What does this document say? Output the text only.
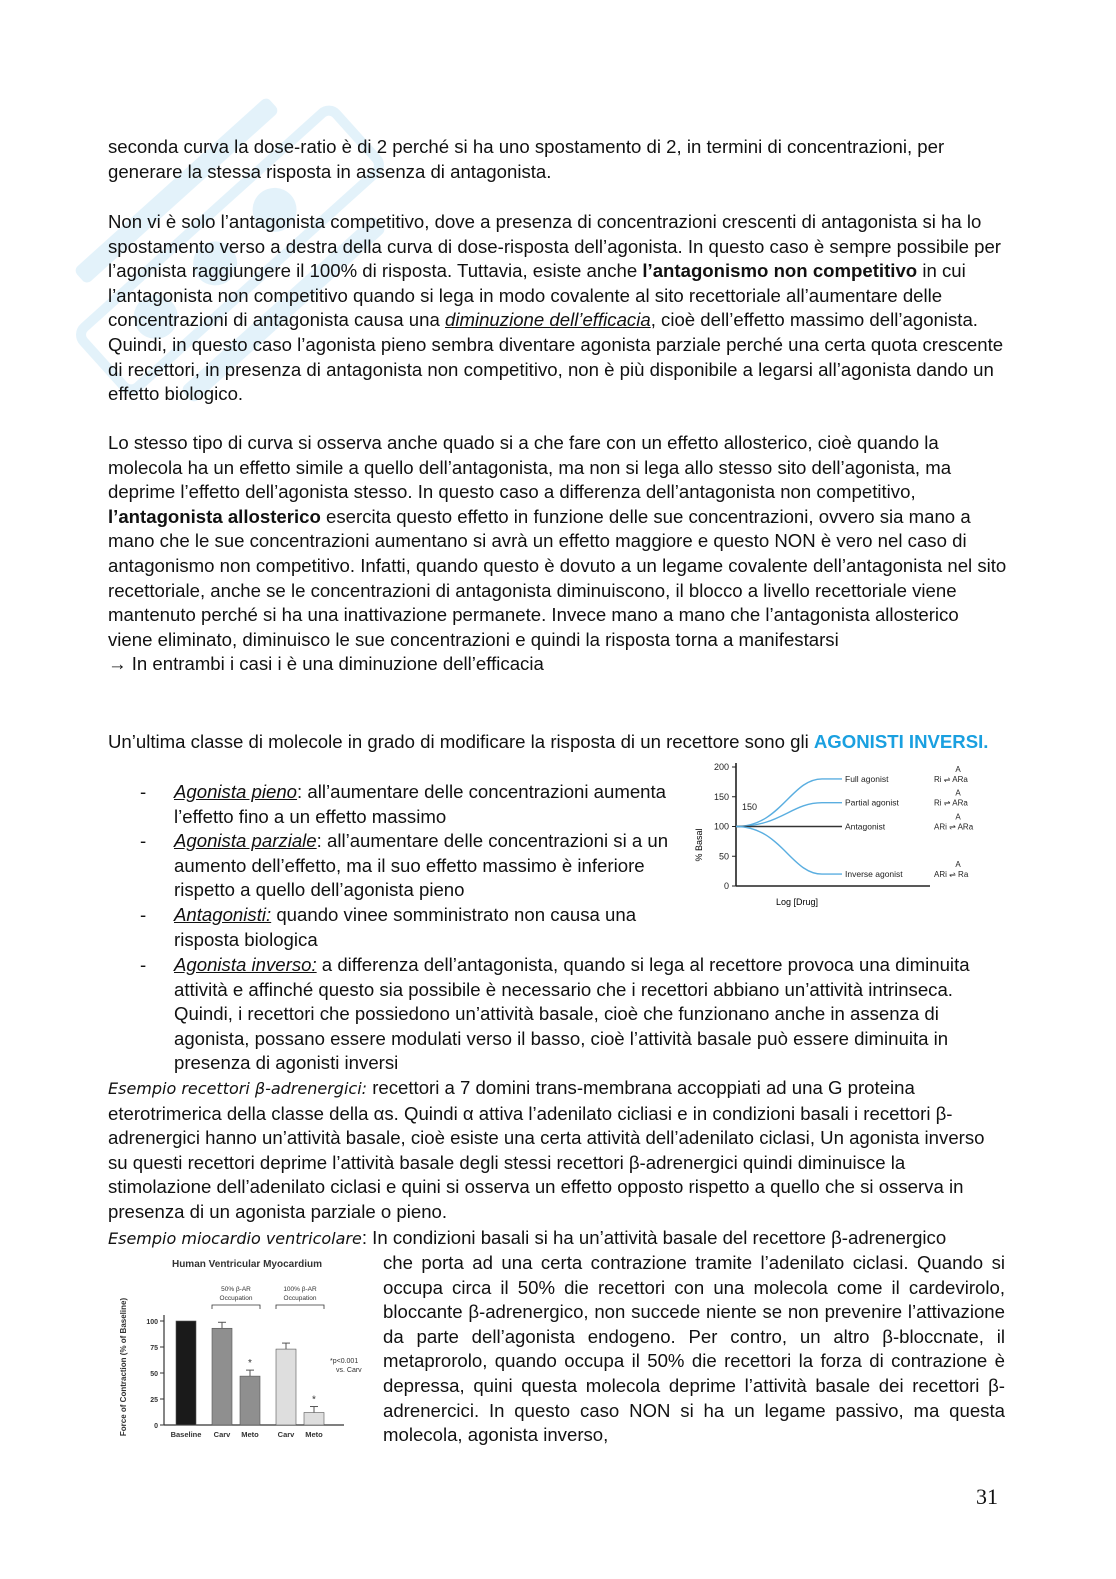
seconda curva la dose-ratio è di 2 perché si ha uno spostamento di 2, in termini di concentrazioni, per generare la stessa risposta in assenza di antagonista.
Non vi è solo l’antagonista competitivo, dove a presenza di concentrazioni crescenti di antagonista si ha lo spostamento verso a destra della curva di dose-risposta dell’agonista. In questo caso è sempre possibile per l’agonista raggiungere il 100% di risposta. Tuttavia, esiste anche l’antagonismo non competitivo in cui l’antagonista non competitivo quando si lega in modo covalente al sito recettoriale all’aumentare delle concentrazioni di antagonista causa una diminuzione dell’efficacia, cioè dell’effetto massimo dell’agonista. Quindi, in questo caso l’agonista pieno sembra diventare agonista parziale perché una certa quota crescente di recettori, in presenza di antagonista non competitivo, non è più disponibile a legarsi all’agonista dando un effetto biologico.
Lo stesso tipo di curva si osserva anche quado si a che fare con un effetto allosterico, cioè quando la molecola ha un effetto simile a quello dell’antagonista, ma non si lega allo stesso sito dell’agonista, ma deprime l’effetto dell’agonista stesso. In questo caso a differenza dell’antagonista non competitivo, l’antagonista allosterico esercita questo effetto in funzione delle sue concentrazioni, ovvero sia mano a mano che le sue concentrazioni aumentano si avrà un effetto maggiore e questo NON è vero nel caso di antagonismo non competitivo. Infatti, quando questo è dovuto a un legame covalente dell’antagonista nel sito recettoriale, anche se le concentrazioni di antagonista diminuiscono, il blocco a livello recettoriale viene mantenuto perché si ha una inattivazione permanete. Invece mano a mano che l’antagonista allosterico viene eliminato, diminuisco le sue concentrazioni e quindi la risposta torna a manifestarsi
→ In entrambi i casi i è una diminuzione dell’efficacia
Un’ultima classe di molecole in grado di modificare la risposta di un recettore sono gli AGONISTI INVERSI.
- Agonista pieno: all’aumentare delle concentrazioni aumenta l’effetto fino a un effetto massimo
- Agonista parziale: all’aumentare delle concentrazioni si a un aumento dell’effetto, ma il suo effetto massimo è inferiore rispetto a quello dell’agonista pieno
- Antagonisti: quando vinee somministrato non causa una risposta biologica
- Agonista inverso: a differenza dell’antagonista, quando si lega al recettore provoca una diminuita attività e affinché questo sia possibile è necessario che i recettori abbiano un’attività intrinseca. Quindi, i recettori che possiedono un’attività basale, cioè che funzionano anche in assenza di agonista, possano essere modulati verso il basso, cioè l’attività basale può essere diminuita in presenza di agonisti inversi
% Basal
200
150
100
50
0
150
Full agonist
A
Ri ⇌ ARa
Partial agonist
A
Ri ⇌ ARa
Antagonist
A
ARi ⇌ ARa
Inverse agonist
A
ARi ⇌ Ra
Log [Drug]
Esempio recettori β-adrenergici: recettori a 7 domini trans-membrana accoppiati ad una G proteina eterotrimerica della classe della αs. Quindi α attiva l’adenilato cicliasi e in condizioni basali i recettori β-adrenergici hanno un’attività basale, cioè esiste una certa attività dell’adenilato ciclasi, Un agonista inverso su questi recettori deprime l’attività basale degli stessi recettori β-adrenergici quindi diminuisce la stimolazione dell’adenilato ciclasi e quini si osserva un effetto opposto rispetto a quello che si osserva in presenza di un agonista parziale o pieno.
Esempio miocardio ventricolare: In condizioni basali si ha un’attività basale del recettore β-adrenergico
che porta ad una certa contrazione tramite l’adenilato ciclasi. Quando si occupa circa il 50% die recettori con una molecola come il cardevirolo, bloccante β-adrenergico, non succede niente se non prevenire l’attivazione da parte dell’agonista endogeno. Per contro, un altro β-bloccnate, il metaprorolo, quando occupa il 50% die recettori la forza di contrazione è depressa, quini questa molecola deprime l’attività basale dei recettori β-adrenercici. In questo caso NON si ha un legame passivo, ma questa molecola, agonista inverso,
Human Ventricular Myocardium
Force of Contraction (% of Baseline)	100
75
50
25
0
Baseline Carv
*
Meto	Carv
*
Meto
50% β-AR
Occupation
100% β-AR
Occupation
*p<0.001
vs. Carv
31
